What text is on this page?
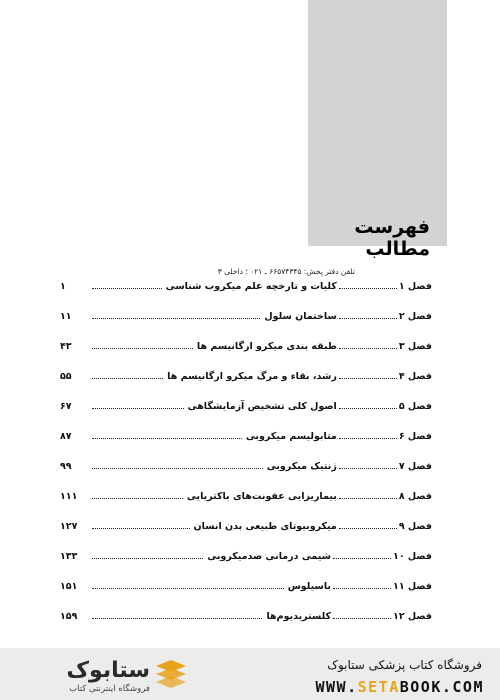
فهرست مطالب
تلفن دفتر پخش: ۶۶۵۷۴۳۴۵ ـ ۰۲۱ ؛ داخلی ۳
فصل ۱
کلیات و تارخچه علم میکروب شناسی
۱
فصل ۲
ساختمان سلول
۱۱
فصل ۳
طبقه بندی میکرو ارگانیسم ها
۴۳
فصل ۴
رشد، بقاء و مرگ میکرو ارگانیسم ها
۵۵
فصل ۵
اصول کلی تشخیص آزمایشگاهی
۶۷
فصل ۶
متابولیسم میکروبی
۸۷
فصل ۷
ژنتیک میکروبی
۹۹
فصل ۸
بیماریزایی عفونت‌های باکتریایی
۱۱۱
فصل ۹
میکروبیوتای طبیعی بدن انسان
۱۲۷
فصل ۱۰
شیمی درمانی ضدمیکروبی
۱۳۳
فصل ۱۱
باسیلوس
۱۵۱
فصل ۱۲
کلستریدیوم‌ها
۱۵۹
ستابوک
فروشگاه اینترنتی کتاب
فروشگاه کتاب پزشکی ستابوک
WWW.SETABOOK.COM
